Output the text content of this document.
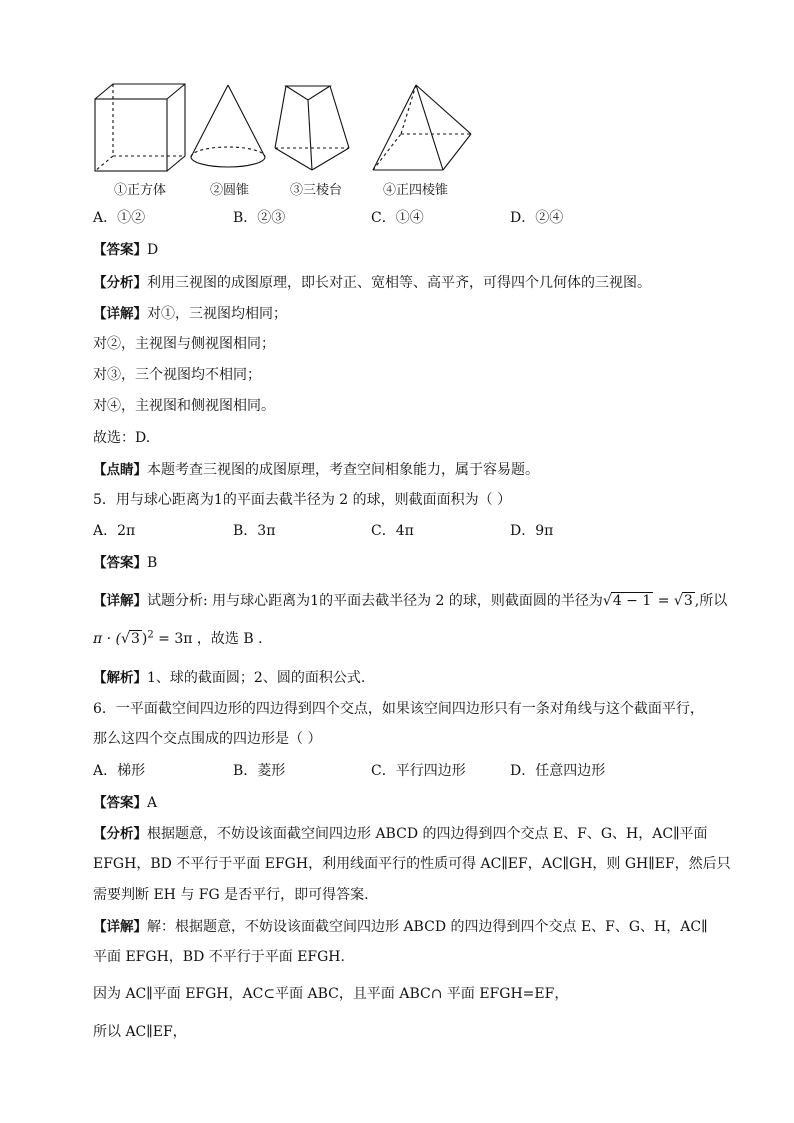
①正方体	②圆锥	③三棱台	④正四棱锥
A．①②	B．②③	C．①④	D．②④
【答案】D
【分析】利用三视图的成图原理，即长对正、宽相等、高平齐，可得四个几何体的三视图。
【详解】对①，三视图均相同；
对②，主视图与侧视图相同；
对③，三个视图均不相同；
对④，主视图和侧视图相同。
故选：D.
【点睛】本题考查三视图的成图原理，考查空间相象能力，属于容易题。
5．用与球心距离为1的平面去截半径为 2 的球，则截面面积为（ ）
A．2π	B．3π	C．4π	D．9π
【答案】B
【详解】试题分析: 用与球心距离为1的平面去截半径为 2 的球，则截面圆的半径为√4 − 1 = √3 ,所以
π · (√3 )$^2$ = 3π ，故选 B .
【解析】1、球的截面圆；2、圆的面积公式.
6．一平面截空间四边形的四边得到四个交点，如果该空间四边形只有一条对角线与这个截面平行，
那么这四个交点围成的四边形是（ ）
A．梯形	B．菱形	C．平行四边形	D．任意四边形
【答案】A
【分析】根据题意，不妨设该面截空间四边形 ABCD 的四边得到四个交点 E、F、G、H，AC∥平面
EFGH，BD 不平行于平面 EFGH，利用线面平行的性质可得 AC∥EF，AC∥GH，则 GH∥EF，然后只
需要判断 EH 与 FG 是否平行，即可得答案.
【详解】解：根据题意，不妨设该面截空间四边形 ABCD 的四边得到四个交点 E、F、G、H，AC∥
平面 EFGH，BD 不平行于平面 EFGH.
因为 AC∥平面 EFGH，AC⊂平面 ABC，且平面 ABC∩ 平面 EFGH=EF，
所以 AC∥EF，
